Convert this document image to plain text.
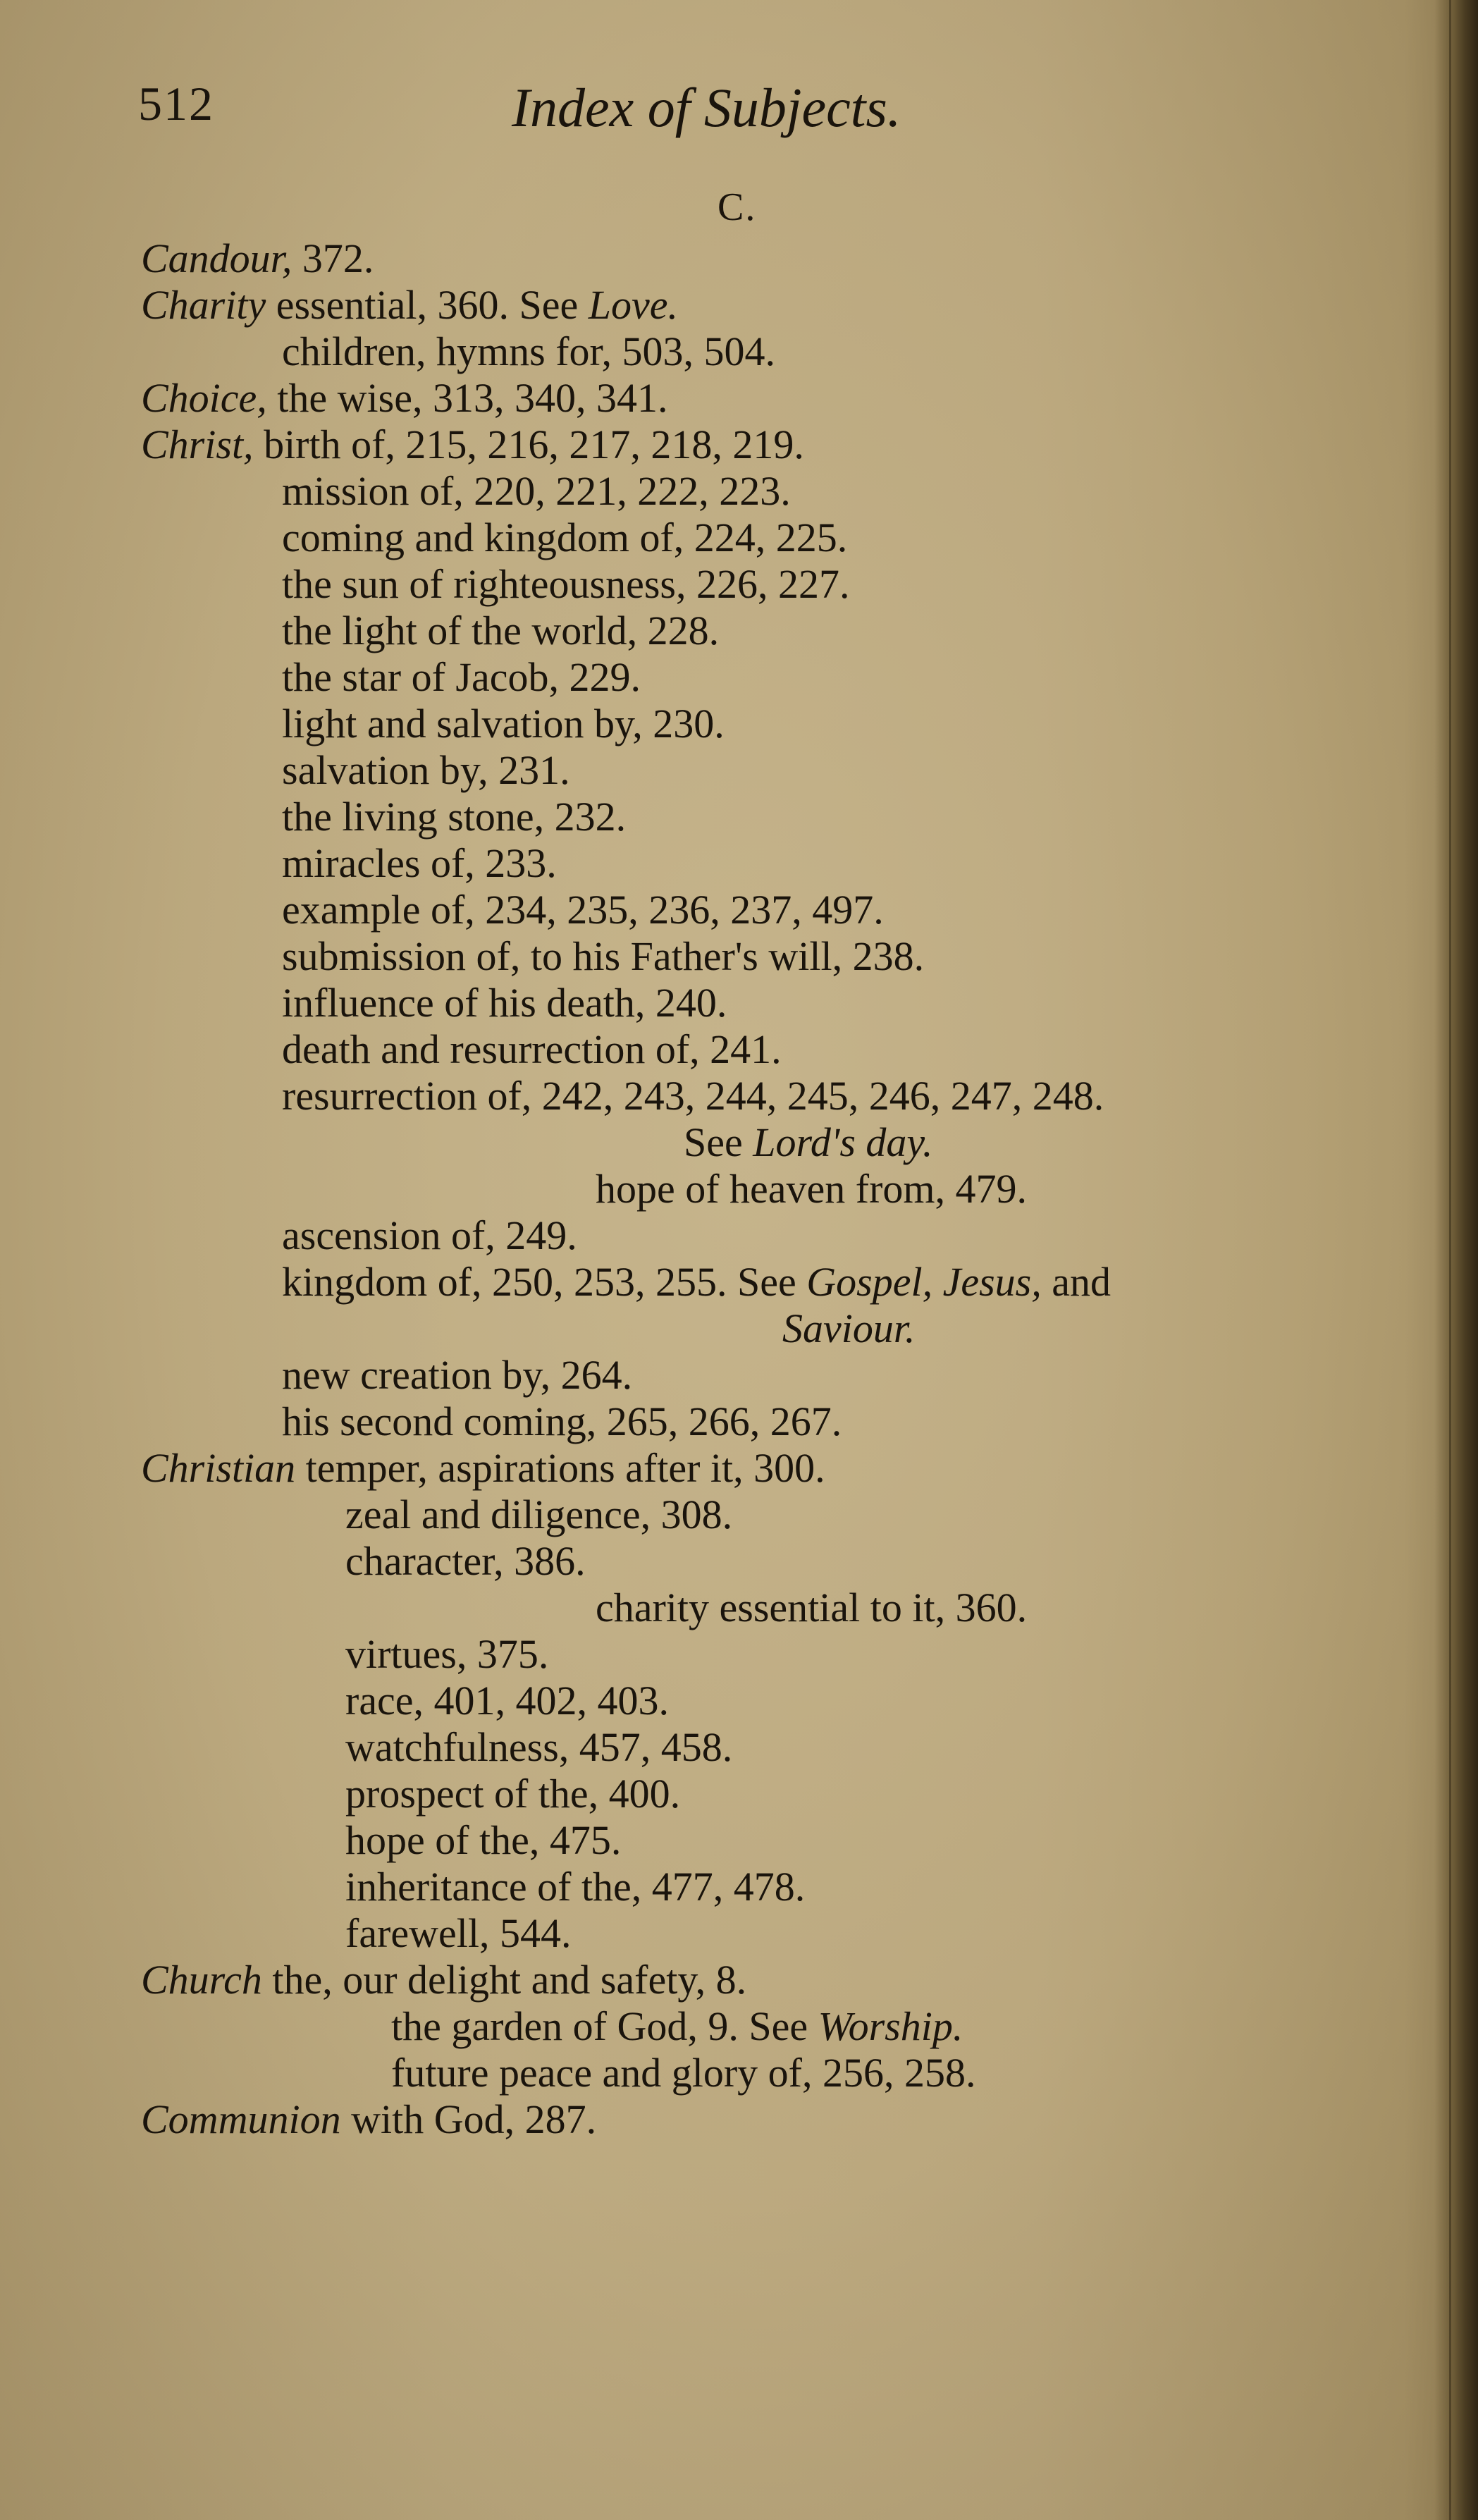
512	Index of Subjects.
C.
Candour, 372.
Charity essential, 360. See Love.
children, hymns for, 503, 504.
Choice, the wise, 313, 340, 341.
Christ, birth of, 215, 216, 217, 218, 219.
mission of, 220, 221, 222, 223.
coming and kingdom of, 224, 225.
the sun of righteousness, 226, 227.
the light of the world, 228.
the star of Jacob, 229.
light and salvation by, 230.
salvation by, 231.
the living stone, 232.
miracles of, 233.
example of, 234, 235, 236, 237, 497.
submission of, to his Father's will, 238.
influence of his death, 240.
death and resurrection of, 241.
resurrection of, 242, 243, 244, 245, 246, 247, 248.
See Lord's day.
hope of heaven from, 479.
ascension of, 249.
kingdom of, 250, 253, 255. See Gospel, Jesus, and
Saviour.
new creation by, 264.
his second coming, 265, 266, 267.
Christian temper, aspirations after it, 300.
zeal and diligence, 308.
character, 386.
charity essential to it, 360.
virtues, 375.
race, 401, 402, 403.
watchfulness, 457, 458.
prospect of the, 400.
hope of the, 475.
inheritance of the, 477, 478.
farewell, 544.
Church the, our delight and safety, 8.
the garden of God, 9. See Worship.
future peace and glory of, 256, 258.
Communion with God, 287.
